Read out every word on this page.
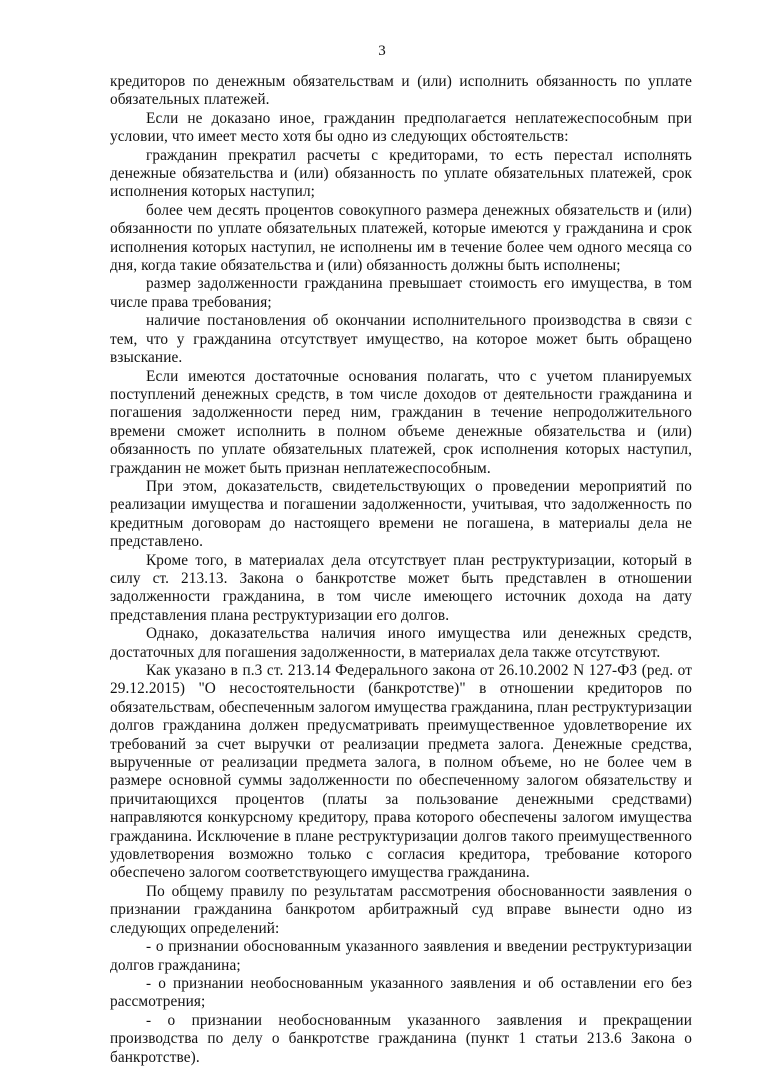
3

кредиторов по денежным обязательствам и (или) исполнить обязанность по уплате обязательных платежей.

Если не доказано иное, гражданин предполагается неплатежеспособным при условии, что имеет место хотя бы одно из следующих обстоятельств:

гражданин прекратил расчеты с кредиторами, то есть перестал исполнять денежные обязательства и (или) обязанность по уплате обязательных платежей, срок исполнения которых наступил;

более чем десять процентов совокупного размера денежных обязательств и (или) обязанности по уплате обязательных платежей, которые имеются у гражданина и срок исполнения которых наступил, не исполнены им в течение более чем одного месяца со дня, когда такие обязательства и (или) обязанность должны быть исполнены;

размер задолженности гражданина превышает стоимость его имущества, в том числе права требования;

наличие постановления об окончании исполнительного производства в связи с тем, что у гражданина отсутствует имущество, на которое может быть обращено взыскание.

Если имеются достаточные основания полагать, что с учетом планируемых поступлений денежных средств, в том числе доходов от деятельности гражданина и погашения задолженности перед ним, гражданин в течение непродолжительного времени сможет исполнить в полном объеме денежные обязательства и (или) обязанность по уплате обязательных платежей, срок исполнения которых наступил, гражданин не может быть признан неплатежеспособным.

При этом, доказательств, свидетельствующих о проведении мероприятий по реализации имущества и погашении задолженности, учитывая, что задолженность по кредитным договорам до настоящего времени не погашена, в материалы дела не представлено.

Кроме того, в материалах дела отсутствует план реструктуризации, который в силу ст. 213.13. Закона о банкротстве может быть представлен в отношении задолженности гражданина, в том числе имеющего источник дохода на дату представления плана реструктуризации его долгов.

Однако, доказательства наличия иного имущества или денежных средств, достаточных для погашения задолженности, в материалах дела также отсутствуют.

Как указано в п.3 ст. 213.14 Федерального закона от 26.10.2002 N 127-ФЗ (ред. от 29.12.2015) "О несостоятельности (банкротстве)" в отношении кредиторов по обязательствам, обеспеченным залогом имущества гражданина, план реструктуризации долгов гражданина должен предусматривать преимущественное удовлетворение их требований за счет выручки от реализации предмета залога. Денежные средства, вырученные от реализации предмета залога, в полном объеме, но не более чем в размере основной суммы задолженности по обеспеченному залогом обязательству и причитающихся процентов (платы за пользование денежными средствами) направляются конкурсному кредитору, права которого обеспечены залогом имущества гражданина. Исключение в плане реструктуризации долгов такого преимущественного удовлетворения возможно только с согласия кредитора, требование которого обеспечено залогом соответствующего имущества гражданина.

По общему правилу по результатам рассмотрения обоснованности заявления о признании гражданина банкротом арбитражный суд вправе вынести одно из следующих определений:

- о признании обоснованным указанного заявления и введении реструктуризации долгов гражданина;

- о признании необоснованным указанного заявления и об оставлении его без рассмотрения;

- о признании необоснованным указанного заявления и прекращении производства по делу о банкротстве гражданина (пункт 1 статьи 213.6 Закона о банкротстве).
